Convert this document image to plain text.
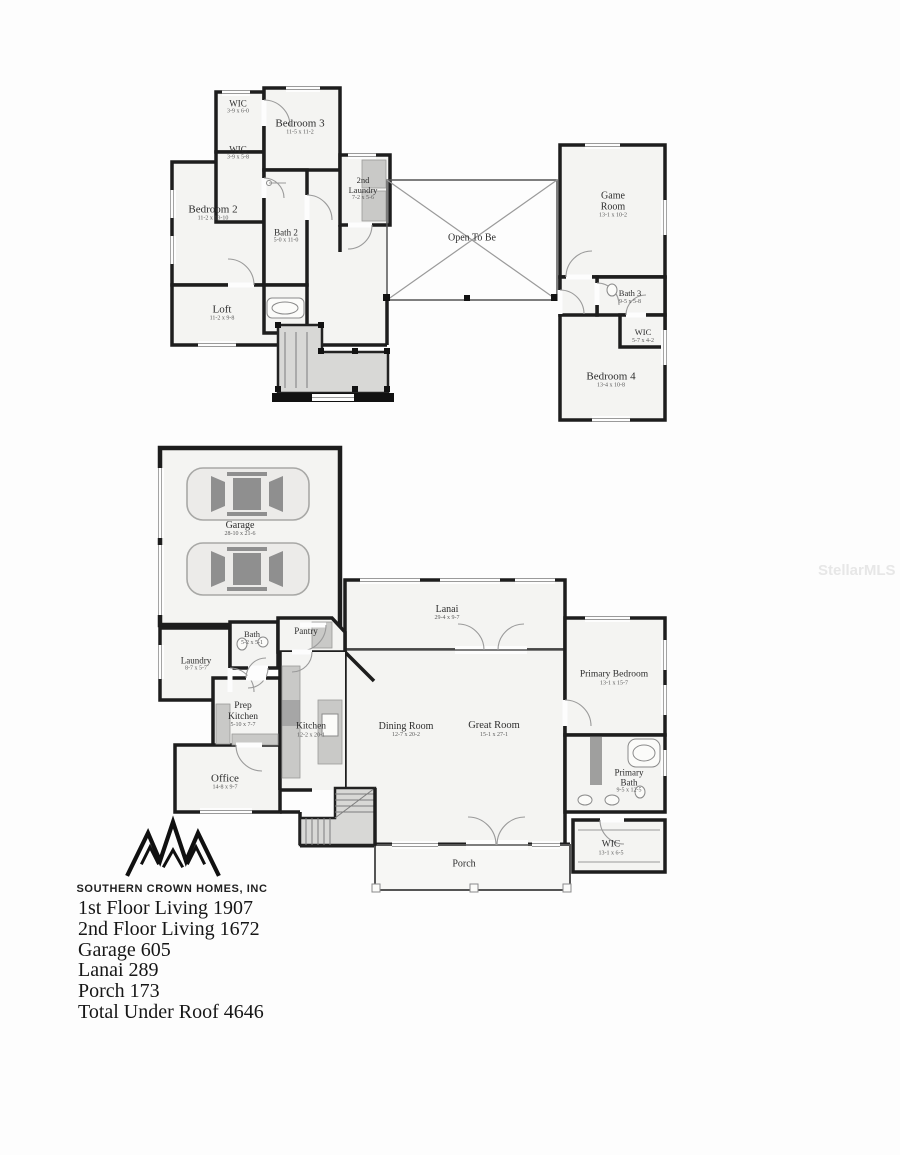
WIC
3-9 x 6-0
Bedroom 3
11-5 x 11-2
WIC
3-9 x 5-8
Bedroom 2
11-2 x 13-10
Bath 2
5-0 x 11-0
2nd
Laundry
7-2 x 5-6
Open To Be
Game
Room
13-1 x 10-2
Bath 3
9-5 x 5-8
WIC
5-7 x 4-2
Bedroom 4
13-4 x 10-8
Loft
11-2 x 9-8
Garage
28-10 x 21-6
Lanai
29-4 x 9-7
Laundry
8-7 x 5-7
Bath
5-2 x 5-1
Pantry
Prep
Kitchen
5-10 x 7-7	Kitchen
12-2 x 20-1
Office
14-8 x 9-7
Dining Room
12-7 x 20-2
Great Room
15-1 x 27-1
Primary Bedroom
13-1 x 15-7
Primary
Bath
9-5 x 12-5
WIC
13-1 x 6-5
Porch
StellarMLS
SOUTHERN CROWN HOMES, INC
1st Floor Living 1907
2nd Floor Living 1672
Garage 605
Lanai 289
Porch 173
Total Under Roof 4646
